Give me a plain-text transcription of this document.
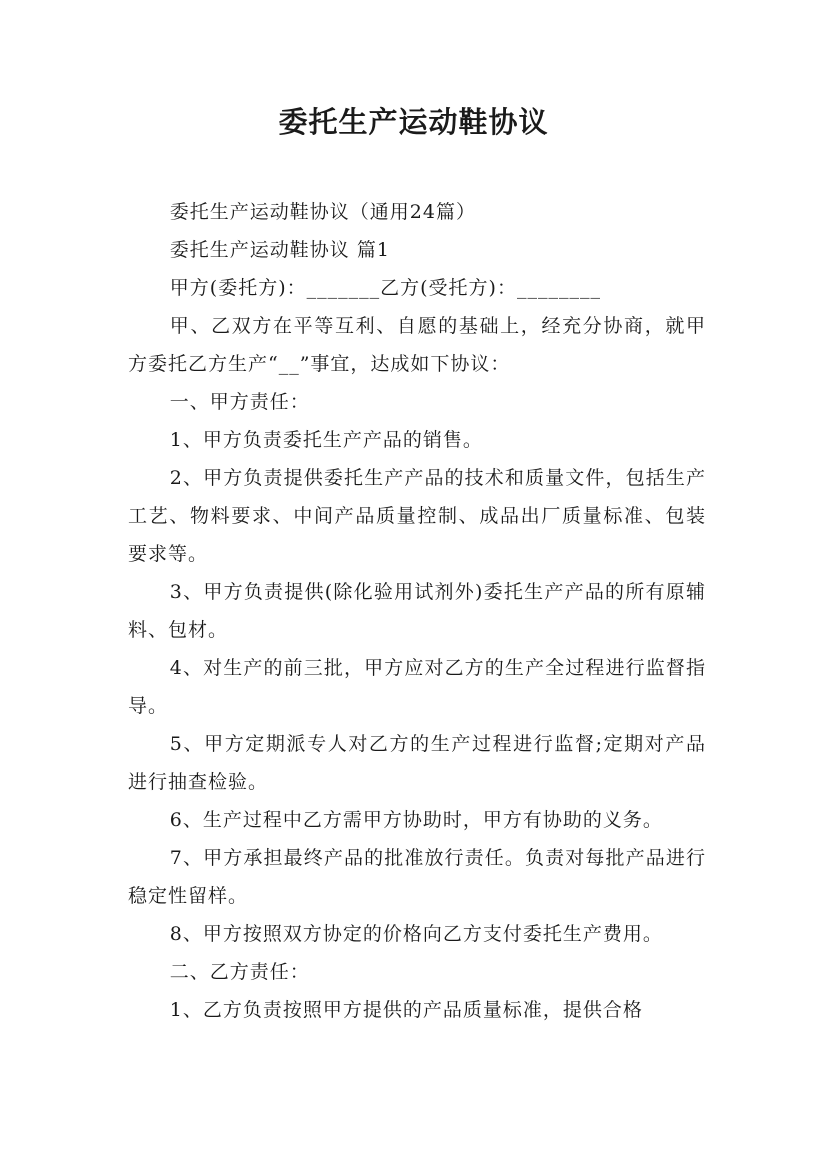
委托生产运动鞋协议

委托生产运动鞋协议（通用24篇）

委托生产运动鞋协议 篇1

甲方(委托方)：_______乙方(受托方)：________

甲、乙双方在平等互利、自愿的基础上，经充分协商，就甲方委托乙方生产“__”事宜，达成如下协议：

一、甲方责任：

1、甲方负责委托生产产品的销售。

2、甲方负责提供委托生产产品的技术和质量文件，包括生产工艺、物料要求、中间产品质量控制、成品出厂质量标准、包装要求等。

3、甲方负责提供(除化验用试剂外)委托生产产品的所有原辅料、包材。

4、对生产的前三批，甲方应对乙方的生产全过程进行监督指导。

5、甲方定期派专人对乙方的生产过程进行监督;定期对产品进行抽查检验。

6、生产过程中乙方需甲方协助时，甲方有协助的义务。

7、甲方承担最终产品的批准放行责任。负责对每批产品进行稳定性留样。

8、甲方按照双方协定的价格向乙方支付委托生产费用。

二、乙方责任：

1、乙方负责按照甲方提供的产品质量标准，提供合格
